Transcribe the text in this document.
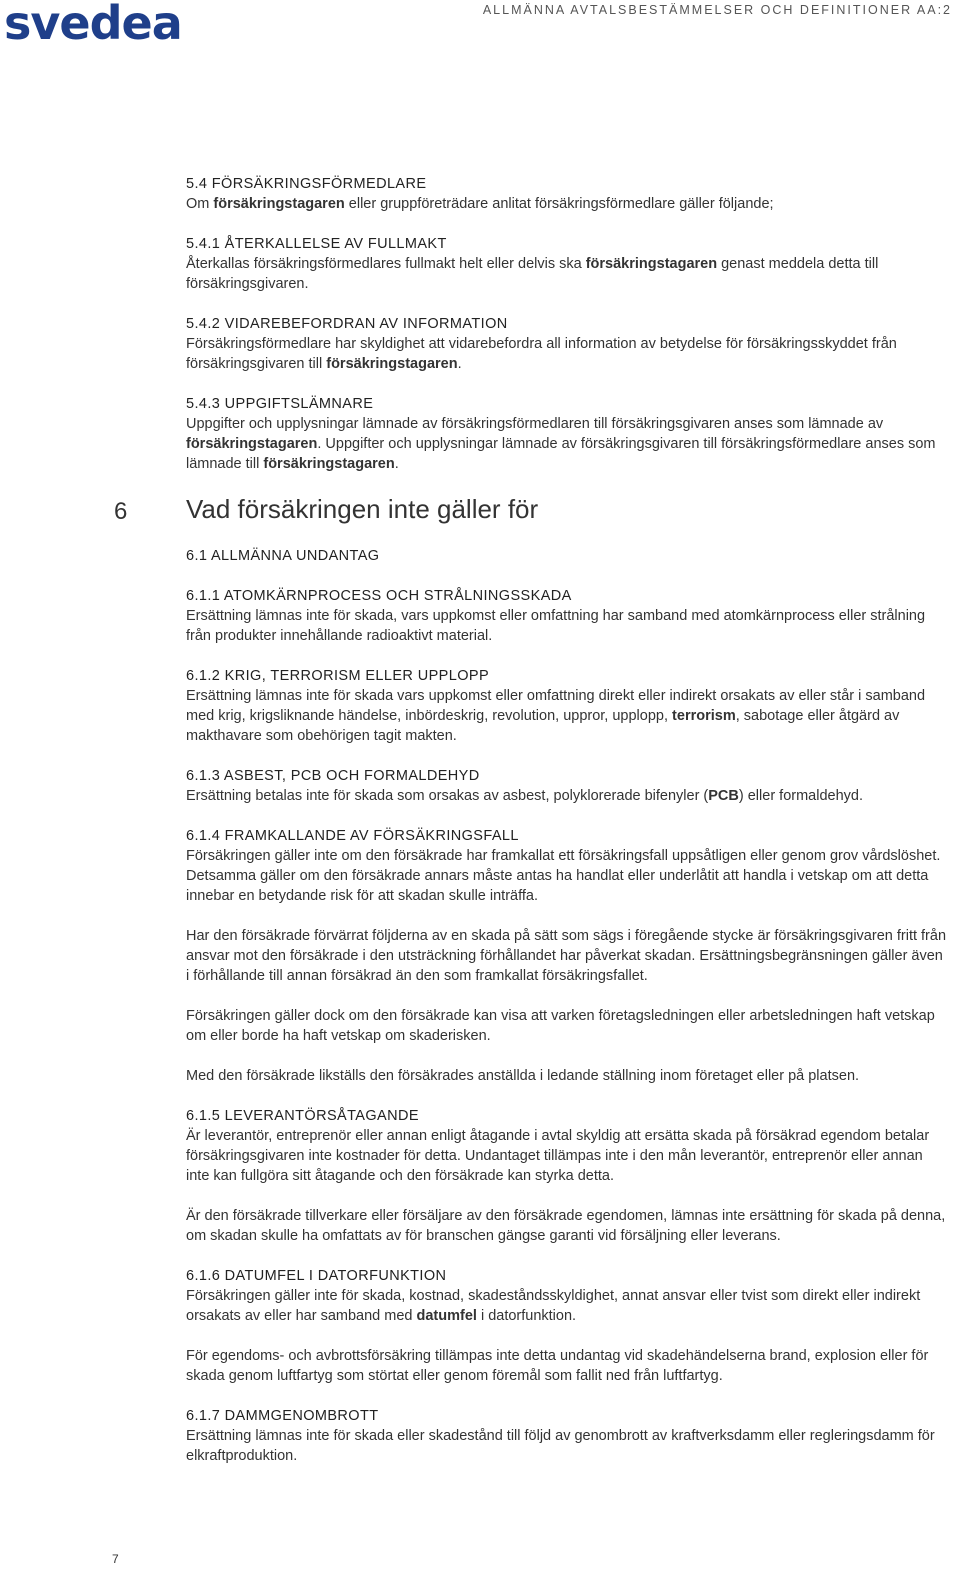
svedea	ALLMÄNNA AVTALSBESTÄMMELSER OCH DEFINITIONER AA:2
5.4 FÖRSÄKRINGSFÖRMEDLARE

Om försäkringstagaren eller gruppföreträdare anlitat försäkringsförmedlare gäller följande;

5.4.1 ÅTERKALLELSE AV FULLMAKT

Återkallas försäkringsförmedlares fullmakt helt eller delvis ska försäkringstagaren genast meddela detta till försäkringsgivaren.

5.4.2 VIDAREBEFORDRAN AV INFORMATION

Försäkringsförmedlare har skyldighet att vidarebefordra all information av betydelse för försäkringsskyddet från försäkringsgivaren till försäkringstagaren.

5.4.3 UPPGIFTSLÄMNARE

Uppgifter och upplysningar lämnade av försäkringsförmedlaren till försäkringsgivaren anses som lämnade av försäkringstagaren. Uppgifter och upplysningar lämnade av försäkringsgivaren till försäkringsförmedlare anses som lämnade till försäkringstagaren.

6 Vad försäkringen inte gäller för
6.1 ALLMÄNNA UNDANTAG
6.1.1 ATOMKÄRNPROCESS OCH STRÅLNINGSSKADA

Ersättning lämnas inte för skada, vars uppkomst eller omfattning har samband med atomkärnprocess eller strålning från produkter innehållande radioaktivt material.

6.1.2 KRIG, TERRORISM ELLER UPPLOPP

Ersättning lämnas inte för skada vars uppkomst eller omfattning direkt eller indirekt orsakats av eller står i samband med krig, krigsliknande händelse, inbördeskrig, revolution, uppror, upplopp, terrorism, sabotage eller åtgärd av makthavare som obehörigen tagit makten.

6.1.3 ASBEST, PCB OCH FORMALDEHYD

Ersättning betalas inte för skada som orsakas av asbest, polyklorerade bifenyler (PCB) eller formaldehyd.

6.1.4 FRAMKALLANDE AV FÖRSÄKRINGSFALL

Försäkringen gäller inte om den försäkrade har framkallat ett försäkringsfall uppsåtligen eller genom grov vårdslöshet. Detsamma gäller om den försäkrade annars måste antas ha handlat eller underlåtit att handla i vetskap om att detta innebar en betydande risk för att skadan skulle inträffa.

Har den försäkrade förvärrat följderna av en skada på sätt som sägs i föregående stycke är försäkringsgivaren fritt från ansvar mot den försäkrade i den utsträckning förhållandet har påverkat skadan. Ersättningsbegränsningen gäller även i förhållande till annan försäkrad än den som framkallat försäkringsfallet.

Försäkringen gäller dock om den försäkrade kan visa att varken företagsledningen eller arbetsledningen haft vetskap om eller borde ha haft vetskap om skaderisken.

Med den försäkrade likställs den försäkrades anställda i ledande ställning inom företaget eller på platsen.

6.1.5 LEVERANTÖRSÅTAGANDE

Är leverantör, entreprenör eller annan enligt åtagande i avtal skyldig att ersätta skada på försäkrad egendom betalar försäkringsgivaren inte kostnader för detta. Undantaget tillämpas inte i den mån leverantör, entreprenör eller annan inte kan fullgöra sitt åtagande och den försäkrade kan styrka detta.

Är den försäkrade tillverkare eller försäljare av den försäkrade egendomen, lämnas inte ersättning för skada på denna, om skadan skulle ha omfattats av för branschen gängse garanti vid försäljning eller leverans.

6.1.6 DATUMFEL I DATORFUNKTION

Försäkringen gäller inte för skada, kostnad, skadeståndsskyldighet, annat ansvar eller tvist som direkt eller indirekt orsakats av eller har samband med datumfel i datorfunktion.

För egendoms- och avbrottsförsäkring tillämpas inte detta undantag vid skadehändelserna brand, explosion eller för skada genom luftfartyg som störtat eller genom föremål som fallit ned från luftfartyg.

6.1.7 DAMMGENOMBROTT

Ersättning lämnas inte för skada eller skadestånd till följd av genombrott av kraftverksdamm eller regleringsdamm för elkraftproduktion.

7
